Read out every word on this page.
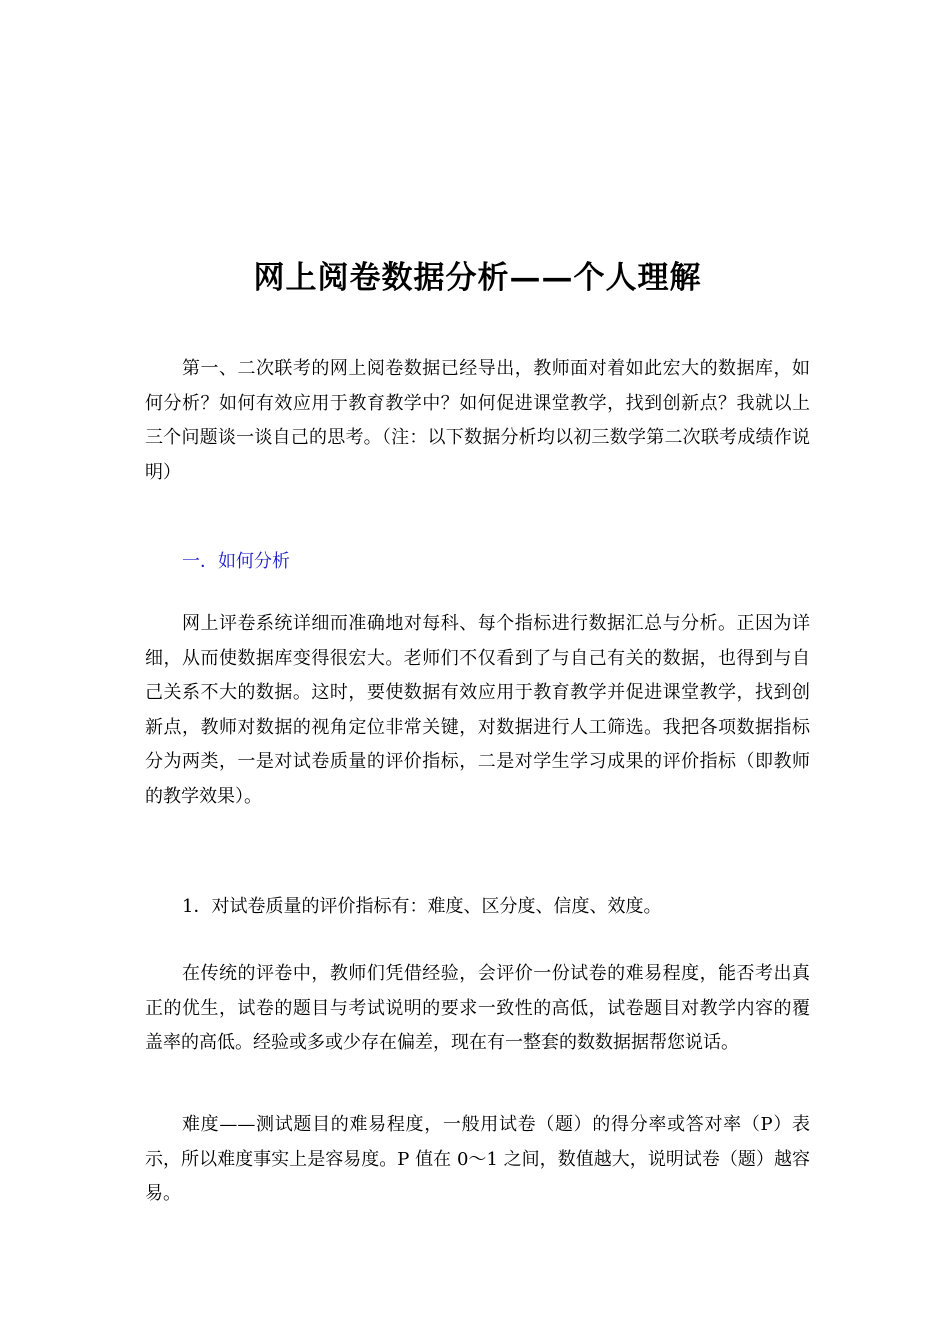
网上阅卷数据分析——个人理解

第一、二次联考的网上阅卷数据已经导出，教师面对着如此宏大的数据库，如何分析？如何有效应用于教育教学中？如何促进课堂教学，找到创新点？我就以上三个问题谈一谈自己的思考。（注：以下数据分析均以初三数学第二次联考成绩作说明）

一．如何分析

网上评卷系统详细而准确地对每科、每个指标进行数据汇总与分析。正因为详细，从而使数据库变得很宏大。老师们不仅看到了与自己有关的数据，也得到与自己关系不大的数据。这时，要使数据有效应用于教育教学并促进课堂教学，找到创新点，教师对数据的视角定位非常关键，对数据进行人工筛选。我把各项数据指标分为两类，一是对试卷质量的评价指标，二是对学生学习成果的评价指标（即教师的教学效果）。

1．对试卷质量的评价指标有：难度、区分度、信度、效度。

在传统的评卷中，教师们凭借经验，会评价一份试卷的难易程度，能否考出真正的优生，试卷的题目与考试说明的要求一致性的高低，试卷题目对教学内容的覆盖率的高低。经验或多或少存在偏差，现在有一整套的数数据据帮您说话。

难度——测试题目的难易程度，一般用试卷（题）的得分率或答对率（P）表示，所以难度事实上是容易度。P 值在 0～1 之间，数值越大，说明试卷（题）越容易。
